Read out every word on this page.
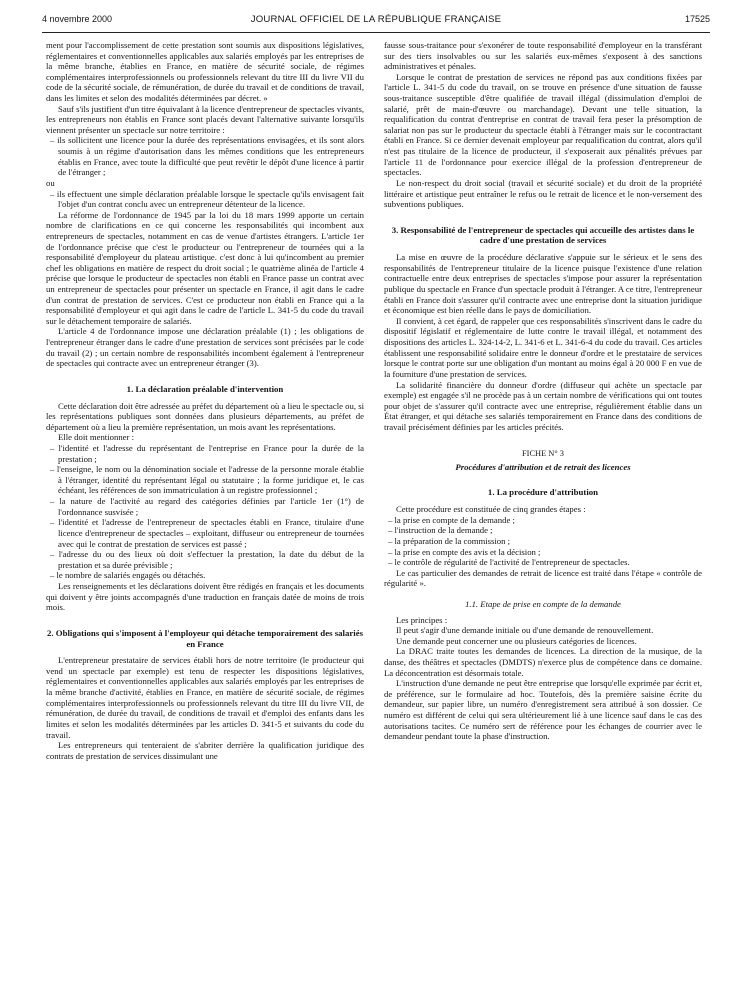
4 novembre 2000	JOURNAL OFFICIEL DE LA RÉPUBLIQUE FRANÇAISE	17525

ment pour l'accomplissement de cette prestation sont soumis aux dispositions législatives, réglementaires et conventionnelles applicables aux salariés employés par les entreprises de la même branche, établies en France, en matière de sécurité sociale, de régimes complémentaires interprofessionnels ou professionnels relevant du titre III du livre VII du code de la sécurité sociale, de rémunération, de durée du travail et de conditions de travail, dans les limites et selon des modalités déterminées par décret. »

Sauf s'ils justifient d'un titre équivalant à la licence d'entrepreneur de spectacles vivants, les entrepreneurs non établis en France sont placés devant l'alternative suivante lorsqu'ils viennent présenter un spectacle sur notre territoire :

– ils sollicitent une licence pour la durée des représentations envisagées, et ils sont alors soumis à un régime d'autorisation dans les mêmes conditions que les entrepreneurs établis en France, avec toute la difficulté que peut revêtir le dépôt d'une licence à partir de l'étranger ;

ou

– ils effectuent une simple déclaration préalable lorsque le spectacle qu'ils envisagent fait l'objet d'un contrat conclu avec un entrepreneur détenteur de la licence.

La réforme de l'ordonnance de 1945 par la loi du 18 mars 1999 apporte un certain nombre de clarifications en ce qui concerne les responsabilités qui incombent aux entrepreneurs de spectacles, notamment en cas de venue d'artistes étrangers. L'article 1er de l'ordonnance précise que c'est le producteur ou l'entrepreneur de tournées qui a la responsabilité d'employeur du plateau artistique. c'est donc à lui qu'incombent au premier chef les obligations en matière de respect du droit social ; le quatrième alinéa de l'article 4 précise que lorsque le producteur de spectacles non établi en France passe un contrat avec un entrepreneur de spectacles pour présenter un spectacle en France, il agit dans le cadre d'un contrat de prestation de services. C'est ce producteur non établi en France qui a la responsabilité d'employeur et qui agit dans le cadre de l'article L. 341-5 du code du travail sur le détachement temporaire de salariés.

L'article 4 de l'ordonnance impose une déclaration préalable (1) ; les obligations de l'entrepreneur étranger dans le cadre d'une prestation de services sont précisées par le code du travail (2) ; un certain nombre de responsabilités incombent également à l'entrepreneur de spectacles qui contracte avec un entrepreneur étranger (3).

1. La déclaration préalable d'intervention

Cette déclaration doit être adressée au préfet du département où a lieu le spectacle ou, si les représentations publiques sont données dans plusieurs départements, au préfet de département où a lieu la première représentation, un mois avant les représentations.

Elle doit mentionner :

– l'identité et l'adresse du représentant de l'entreprise en France pour la durée de la prestation ;

– l'enseigne, le nom ou la dénomination sociale et l'adresse de la personne morale établie à l'étranger, identité du représentant légal ou statutaire ; la forme juridique et, le cas échéant, les références de son immatriculation à un registre professionnel ;

– la nature de l'activité au regard des catégories définies par l'article 1er (1°) de l'ordonnance susvisée ;

– l'identité et l'adresse de l'entrepreneur de spectacles établi en France, titulaire d'une licence d'entrepreneur de spectacles – exploitant, diffuseur ou entrepreneur de tournées avec qui le contrat de prestation de services est passé ;

– l'adresse du ou des lieux où doit s'effectuer la prestation, la date du début de la prestation et sa durée prévisible ;

– le nombre de salariés engagés ou détachés.

Les renseignements et les déclarations doivent être rédigés en français et les documents qui doivent y être joints accompagnés d'une traduction en français datée de moins de trois mois.

2. Obligations qui s'imposent à l'employeur qui détache temporairement des salariés en France

L'entrepreneur prestataire de services établi hors de notre territoire (le producteur qui vend un spectacle par exemple) est tenu de respecter les dispositions législatives, réglementaires et conventionnelles applicables aux salariés employés par les entreprises de la même branche d'activité, établies en France, en matière de sécurité sociale, de régimes complémentaires interprofessionnels ou professionnels relevant du titre III du livre VII, de rémunération, de durée du travail, de conditions de travail et d'emploi des enfants dans les limites et selon les modalités déterminées par les articles D. 341-5 et suivants du code du travail.

Les entrepreneurs qui tenteraient de s'abriter derrière la qualification juridique des contrats de prestation de services dissimulant une

fausse sous-traitance pour s'exonérer de toute responsabilité d'employeur en la transférant sur des tiers insolvables ou sur les salariés eux-mêmes s'exposent à des sanctions administratives et pénales.

Lorsque le contrat de prestation de services ne répond pas aux conditions fixées par l'article L. 341-5 du code du travail, on se trouve en présence d'une situation de fausse sous-traitance susceptible d'être qualifiée de travail illégal (dissimulation d'emploi de salarié, prêt de main-d'œuvre ou marchandage). Devant une telle situation, la requalification du contrat d'entreprise en contrat de travail fera peser la présomption de salariat non pas sur le producteur du spectacle établi à l'étranger mais sur le cocontractant établi en France. Si ce dernier devenait employeur par requalification du contrat, alors qu'il n'est pas titulaire de la licence de producteur, il s'exposerait aux pénalités prévues par l'article 11 de l'ordonnance pour exercice illégal de la profession d'entrepreneur de spectacles.

Le non-respect du droit social (travail et sécurité sociale) et du droit de la propriété littéraire et artistique peut entraîner le refus ou le retrait de licence et le non-versement des subventions publiques.

3. Responsabilité de l'entrepreneur de spectacles qui accueille des artistes dans le cadre d'une prestation de services

La mise en œuvre de la procédure déclarative s'appuie sur le sérieux et le sens des responsabilités de l'entrepreneur titulaire de la licence puisque l'existence d'une relation contractuelle entre deux entreprises de spectacles s'impose pour assurer la représentation publique du spectacle en France d'un spectacle produit à l'étranger. A ce titre, l'entrepreneur établi en France doit s'assurer qu'il contracte avec une entreprise dont la situation juridique et économique est bien réelle dans le pays de domiciliation.

Il convient, à cet égard, de rappeler que ces responsabilités s'inscrivent dans le cadre du dispositif législatif et réglementaire de lutte contre le travail illégal, et notamment des dispositions des articles L. 324-14-2, L. 341-6 et L. 341-6-4 du code du travail. Ces articles établissent une responsabilité solidaire entre le donneur d'ordre et le prestataire de services lorsque le contrat porte sur une obligation d'un montant au moins égal à 20 000 F en vue de la fourniture d'une prestation de services.

La solidarité financière du donneur d'ordre (diffuseur qui achète un spectacle par exemple) est engagée s'il ne procède pas à un certain nombre de vérifications qui ont toutes pour objet de s'assurer qu'il contracte avec une entreprise, régulièrement établie dans un État étranger, et qui détache ses salariés temporairement en France dans des conditions de travail précisément définies par les articles précités.

FICHE N° 3

Procédures d'attribution et de retrait des licences

1. La procédure d'attribution

Cette procédure est constituée de cinq grandes étapes :

– la prise en compte de la demande ;

– l'instruction de la demande ;

– la préparation de la commission ;

– la prise en compte des avis et la décision ;

– le contrôle de régularité de l'activité de l'entrepreneur de spectacles.

Le cas particulier des demandes de retrait de licence est traité dans l'étape « contrôle de régularité ».

1.1. Etape de prise en compte de la demande

Les principes :

Il peut s'agir d'une demande initiale ou d'une demande de renouvellement.

Une demande peut concerner une ou plusieurs catégories de licences.

La DRAC traite toutes les demandes de licences. La direction de la musique, de la danse, des théâtres et spectacles (DMDTS) n'exerce plus de compétence dans ce domaine. La déconcentration est désormais totale.

L'instruction d'une demande ne peut être entreprise que lorsqu'elle exprimée par écrit et, de préférence, sur le formulaire ad hoc. Toutefois, dès la première saisine écrite du demandeur, sur papier libre, un numéro d'enregistrement sera attribué à son dossier. Ce numéro est différent de celui qui sera ultérieurement lié à une licence sauf dans le cas des autorisations tacites. Ce numéro sert de référence pour les échanges de courrier avec le demandeur pendant toute la phase d'instruction.
